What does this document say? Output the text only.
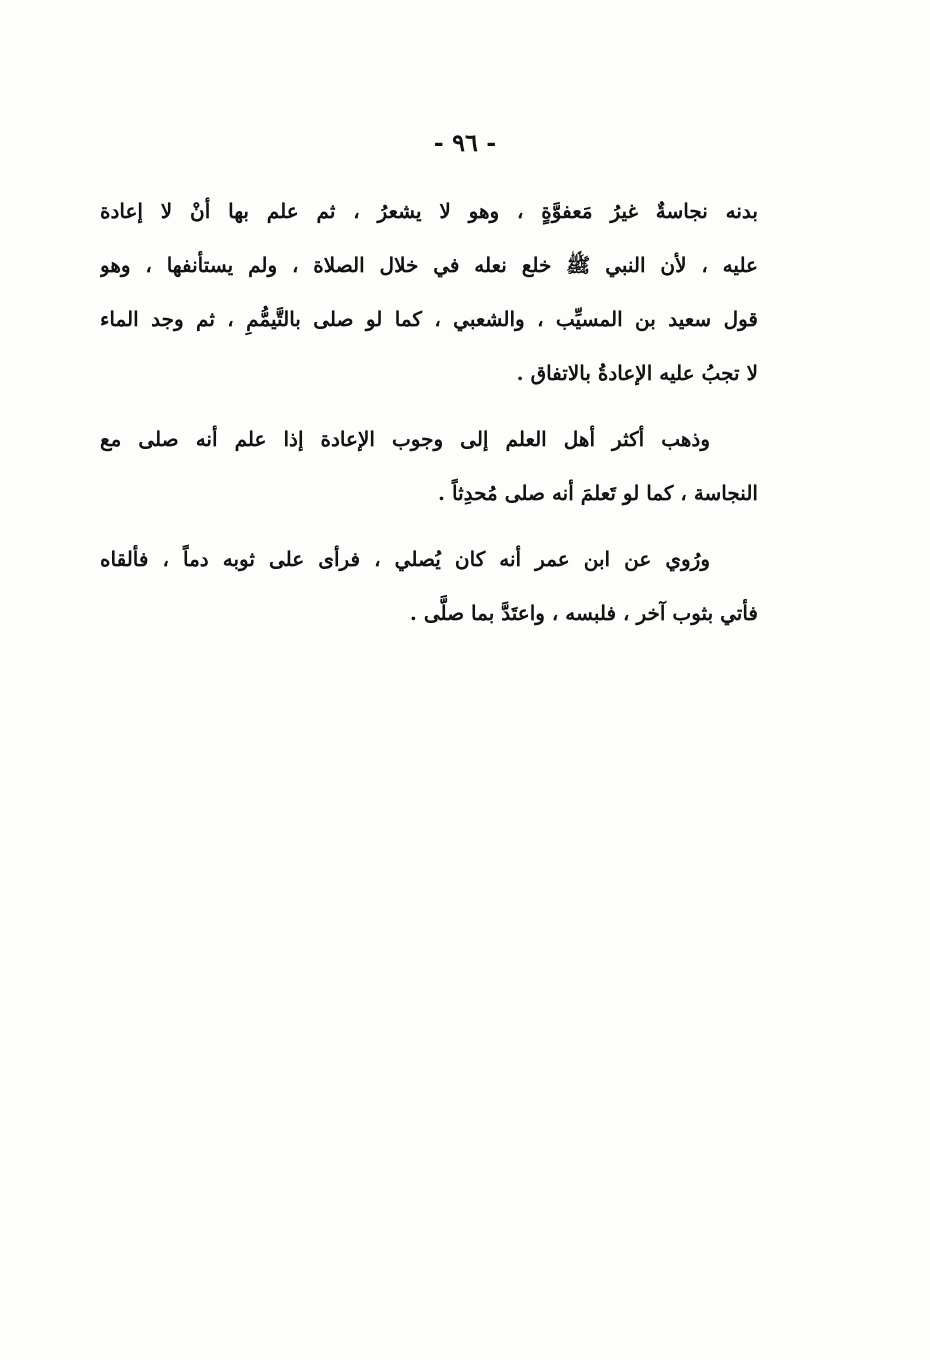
- ٩٦ -
بدنه نجاسةٌ غيرُ مَعفوَّةٍ ، وهو لا يشعرُ ، ثم علم بها أنْ لا إعادة
عليه ، لأن النبي ﷺ خلع نعله في خلال الصلاة ، ولم يستأنفها ، وهو
قول سعيد بن المسيِّب ، والشعبي ، كما لو صلى بالتَّيمُّمِ ، ثم وجد الماء
لا تجبُ عليه الإعادةُ بالاتفاق .
وذهب أكثر أهل العلم إلى وجوب الإعادة إذا علم أنه صلى مع
النجاسة ، كما لو تَعلمَ أنه صلى مُحدِثاً .
ورُوي عن ابن عمر أنه كان يُصلي ، فرأى على ثوبه دماً ، فألقاه
فأتي بثوب آخر ، فلبسه ، واعتَدَّ بما صلَّى .
